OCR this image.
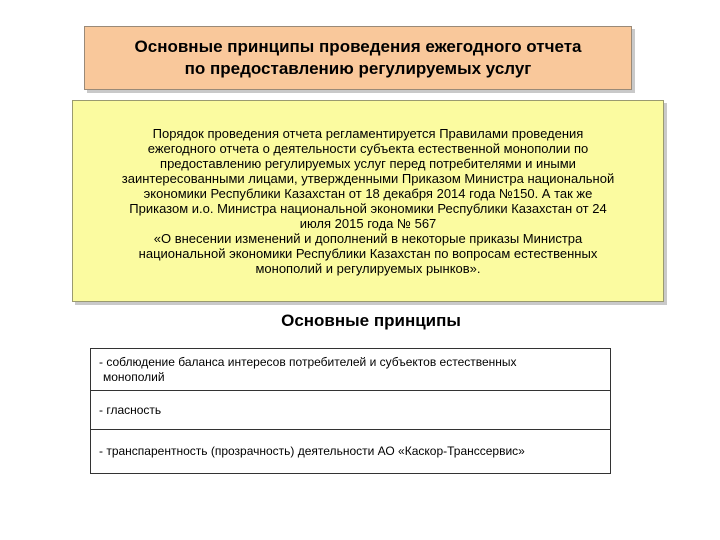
Основные принципы проведения ежегодного отчета
по предоставлению регулируемых услуг
Порядок проведения отчета регламентируется Правилами проведения
ежегодного отчета о деятельности субъекта естественной монополии по
предоставлению регулируемых услуг перед потребителями и иными
заинтересованными лицами, утвержденными Приказом Министра национальной
экономики Республики Казахстан от 18 декабря 2014 года №150. А так же
Приказом и.о. Министра национальной экономики Республики Казахстан от 24
июля 2015 года № 567
«О внесении изменений и дополнений в некоторые приказы Министра
национальной экономики Республики Казахстан по вопросам естественных
монополий и регулируемых рынков».
Основные принципы
- соблюдение баланса интересов потребителей и субъектов естественных
монополий
- гласность
- транспарентность (прозрачность) деятельности АО «Каскор-Транссервис»
